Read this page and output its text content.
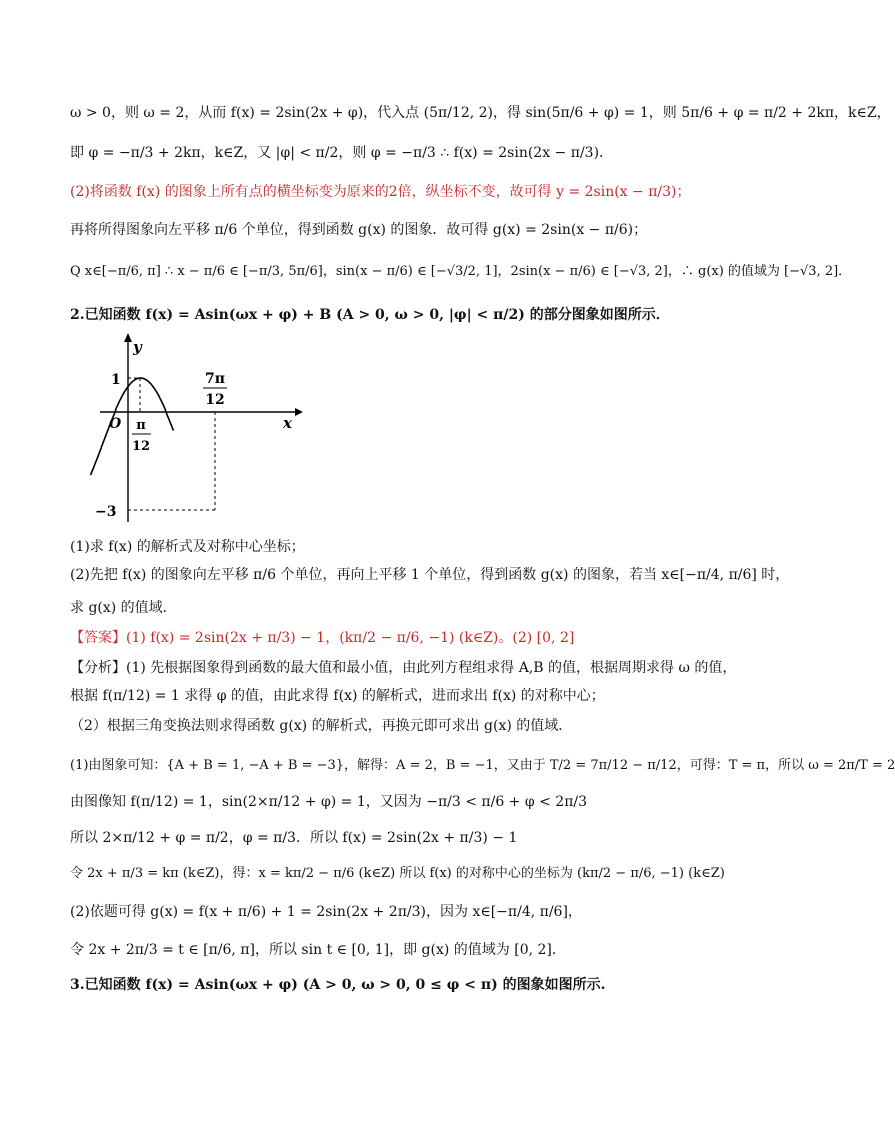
ω > 0，则 ω = 2，从而 f(x) = 2sin(2x + φ)，代入点 (5π/12, 2)，得 sin(5π/6 + φ) = 1，则 5π/6 + φ = π/2 + 2kπ，k∈Z，
即 φ = −π/3 + 2kπ，k∈Z，又 |φ| < π/2，则 φ = −π/3 ∴ f(x) = 2sin(2x − π/3)．
(2)将函数 f(x) 的图象上所有点的横坐标变为原来的2倍，纵坐标不变，故可得 y = 2sin(x − π/3)；
再将所得图象向左平移 π/6 个单位，得到函数 g(x) 的图象．故可得 g(x) = 2sin(x − π/6)；
Q x∈[−π/6, π] ∴ x − π/6 ∈ [−π/3, 5π/6]，sin(x − π/6) ∈ [−√3/2, 1]，2sin(x − π/6) ∈ [−√3, 2]，∴ g(x) 的值域为 [−√3, 2]．
2.已知函数 f(x) = Asin(ωx + φ) + B (A > 0, ω > 0, |φ| < π/2) 的部分图象如图所示．
y
x
O
1
−3
π
12
7π
12
(1)求 f(x) 的解析式及对称中心坐标；
(2)先把 f(x) 的图象向左平移 π/6 个单位，再向上平移 1 个单位，得到函数 g(x) 的图象，若当 x∈[−π/4, π/6] 时，
求 g(x) 的值域．
【答案】(1) f(x) = 2sin(2x + π/3) − 1，(kπ/2 − π/6, −1) (k∈Z)。(2) [0, 2]
【分析】(1) 先根据图象得到函数的最大值和最小值，由此列方程组求得 A,B 的值，根据周期求得 ω 的值，
根据 f(π/12) = 1 求得 φ 的值，由此求得 f(x) 的解析式，进而求出 f(x) 的对称中心；
（2）根据三角变换法则求得函数 g(x) 的解析式，再换元即可求出 g(x) 的值域．
(1)由图象可知：{A + B = 1, −A + B = −3}，解得：A = 2，B = −1，又由于 T/2 = 7π/12 − π/12，可得：T = π，所以 ω = 2π/T = 2
由图像知 f(π/12) = 1，sin(2×π/12 + φ) = 1，又因为 −π/3 < π/6 + φ < 2π/3
所以 2×π/12 + φ = π/2，φ = π/3．所以 f(x) = 2sin(2x + π/3) − 1
令 2x + π/3 = kπ (k∈Z)，得：x = kπ/2 − π/6 (k∈Z) 所以 f(x) 的对称中心的坐标为 (kπ/2 − π/6, −1) (k∈Z)
(2)依题可得 g(x) = f(x + π/6) + 1 = 2sin(2x + 2π/3)，因为 x∈[−π/4, π/6]，
令 2x + 2π/3 = t ∈ [π/6, π]，所以 sin t ∈ [0, 1]，即 g(x) 的值域为 [0, 2]．
3.已知函数 f(x) = Asin(ωx + φ) (A > 0, ω > 0, 0 ≤ φ < π) 的图象如图所示.
